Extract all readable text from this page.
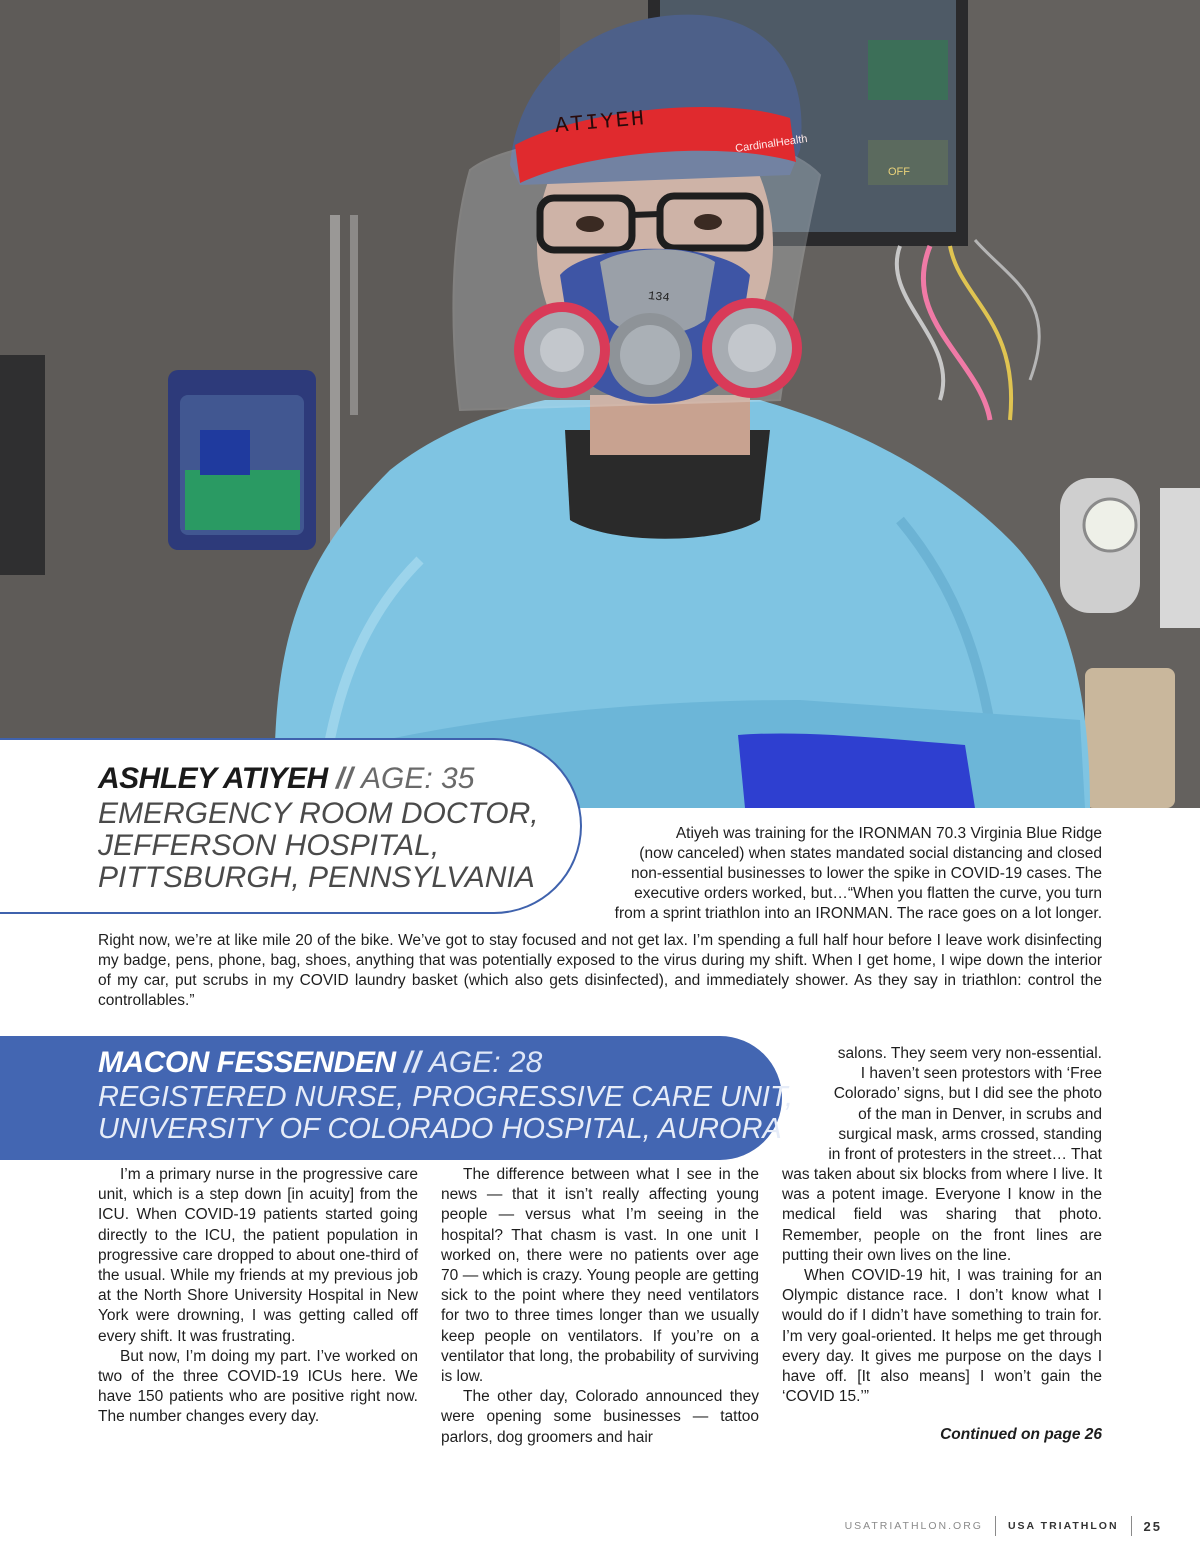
OFF
ATIYEH
CardinalHealth
134
ASHLEY ATIYEH // AGE: 35
EMERGENCY ROOM DOCTOR,
JEFFERSON HOSPITAL,
PITTSBURGH, PENNSYLVANIA
Atiyeh was training for the IRONMAN 70.3 Virginia Blue Ridge
(now canceled) when states mandated social distancing and closed
non-essential businesses to lower the spike in COVID-19 cases. The
executive orders worked, but…“When you flatten the curve, you turn
from a sprint triathlon into an IRONMAN. The race goes on a lot longer.
Right now, we’re at like mile 20 of the bike. We’ve got to stay focused and not get lax. I’m spending a full half hour before I leave work disinfecting my badge, pens, phone, bag, shoes, anything that was potentially exposed to the virus during my shift. When I get home, I wipe down the interior of my car, put scrubs in my COVID laundry basket (which also gets disinfected), and immediately shower. As they say in triathlon: control the controllables.”
MACON FESSENDEN // AGE: 28
REGISTERED NURSE, PROGRESSIVE CARE UNIT,
UNIVERSITY OF COLORADO HOSPITAL, AURORA

I’m a primary nurse in the progressive care unit, which is a step down [in acuity] from the ICU. When COVID-19 patients started going directly to the ICU, the patient population in progressive care dropped to about one-third of the usual. While my friends at my previous job at the North Shore University Hospital in New York were drowning, I was getting called off every shift. It was frustrating.

But now, I’m doing my part. I’ve worked on two of the three COVID-19 ICUs here. We have 150 patients who are positive right now. The number changes every day.

The difference between what I see in the news — that it isn’t really affecting young people — versus what I’m seeing in the hospital? That chasm is vast. In one unit I worked on, there were no patients over age 70 — which is crazy. Young people are getting sick to the point where they need ventilators for two to three times longer than we usually keep people on ventilators. If you’re on a ventilator that long, the probability of surviving is low.

The other day, Colorado announced they were opening some businesses — tattoo parlors, dog groomers and hair

salons. They seem very non-essential.
I haven’t seen protestors with ‘Free
Colorado’ signs, but I did see the photo
of the man in Denver, in scrubs and
surgical mask, arms crossed, standing
in front of protesters in the street… That

was taken about six blocks from where I live. It was a potent image. Everyone I know in the medical field was sharing that photo. Remember, people on the front lines are putting their own lives on the line.

When COVID-19 hit, I was training for an Olympic distance race. I don’t know what I would do if I didn’t have something to train for. I’m very goal-oriented. It helps me get through every day. It gives me purpose on the days I have off. [It also means] I won’t gain the ‘COVID 15.’”

Continued on page 26
USATRIATHLON.ORG USA TRIATHLON 25
